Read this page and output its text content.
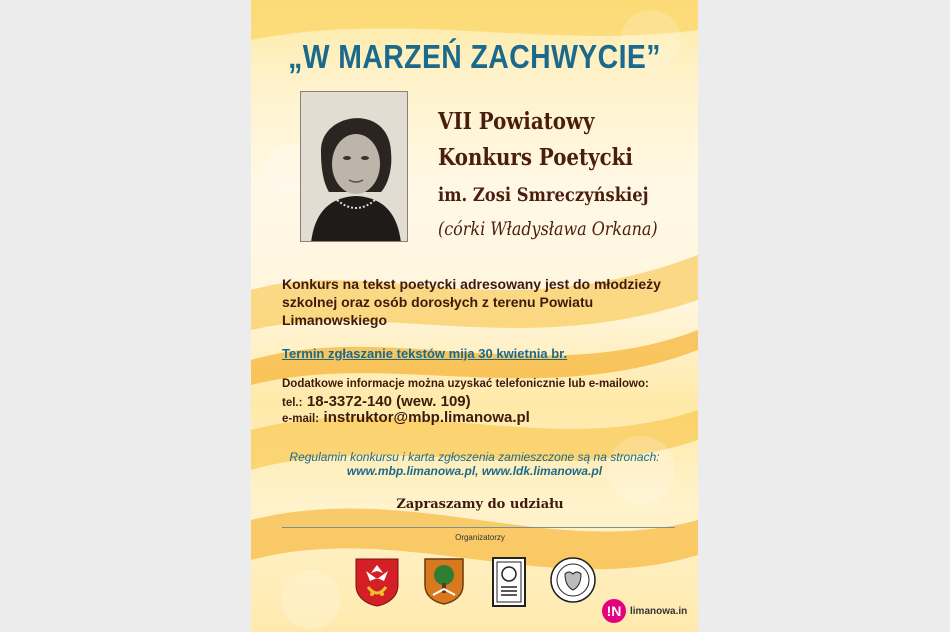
„W MARZEŃ ZACHWYCIE”
VII Powiatowy
Konkurs Poetycki
im. Zosi Smreczyńskiej
(córki Władysława Orkana)
Konkurs na tekst poetycki adresowany jest do młodzieży szkolnej oraz osób dorosłych z terenu Powiatu Limanowskiego
Termin zgłaszanie tekstów mija 30 kwietnia br.
Dodatkowe informacje można uzyskać telefonicznie lub e-mailowo:
tel.: 18-3372-140 (wew. 109)
e-mail: instruktor@mbp.limanowa.pl
Regulamin konkursu i karta zgłoszenia zamieszczone są na stronach:
www.mbp.limanowa.pl, www.ldk.limanowa.pl
Zapraszamy do udziału
Organizatorzy
!N limanowa.in
